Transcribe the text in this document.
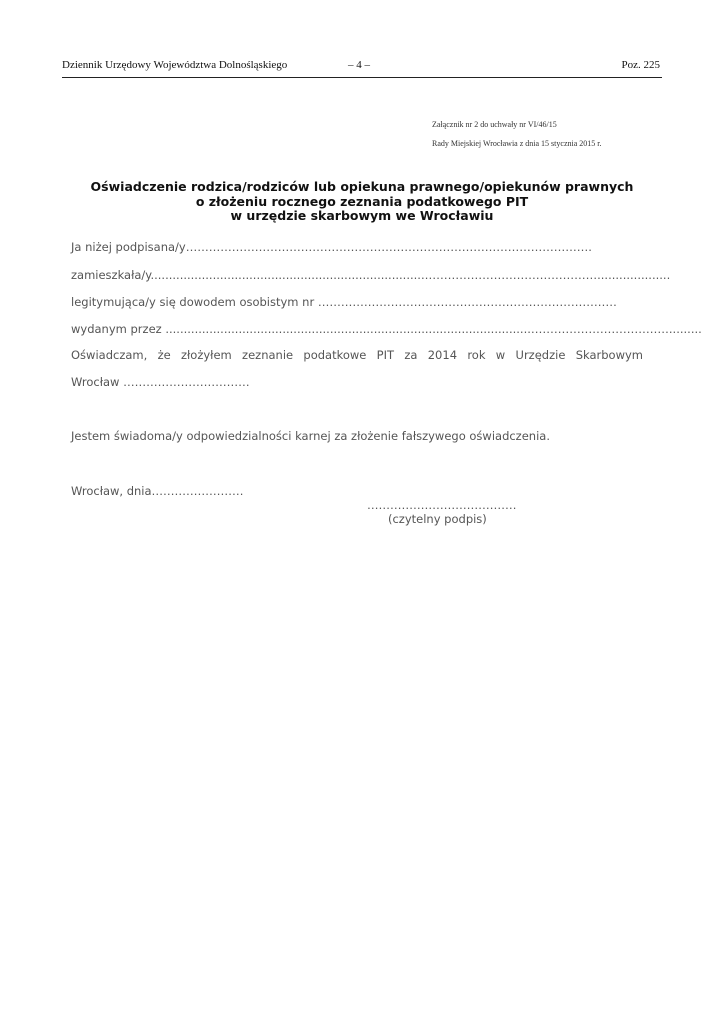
Dziennik Urzędowy Województwa Dolnośląskiego	– 4 –	Poz. 225
Załącznik nr 2 do uchwały nr VI/46/15
Rady Miejskiej Wrocławia z dnia 15 stycznia 2015 r.
Oświadczenie rodzica/rodziców lub opiekuna prawnego/opiekunów prawnych
o złożeniu rocznego zeznania podatkowego PIT
w urzędzie skarbowym we Wrocławiu
Ja niżej podpisana/y…………………………………………………………………………………………….
zamieszkała/y...........................................................................………………………………………....................
legitymująca/y się dowodem osobistym nr ……………………………………………………………………
wydanym przez ....................................................................................................……………………………….........
Oświadczam, że złożyłem zeznanie podatkowe PIT za 2014 rok w Urzędzie Skarbowym
Wrocław ……………………………
Jestem świadoma/y odpowiedzialności karnej za złożenie fałszywego oświadczenia.
Wrocław, dnia……………………
…………………………………
(czytelny podpis)
